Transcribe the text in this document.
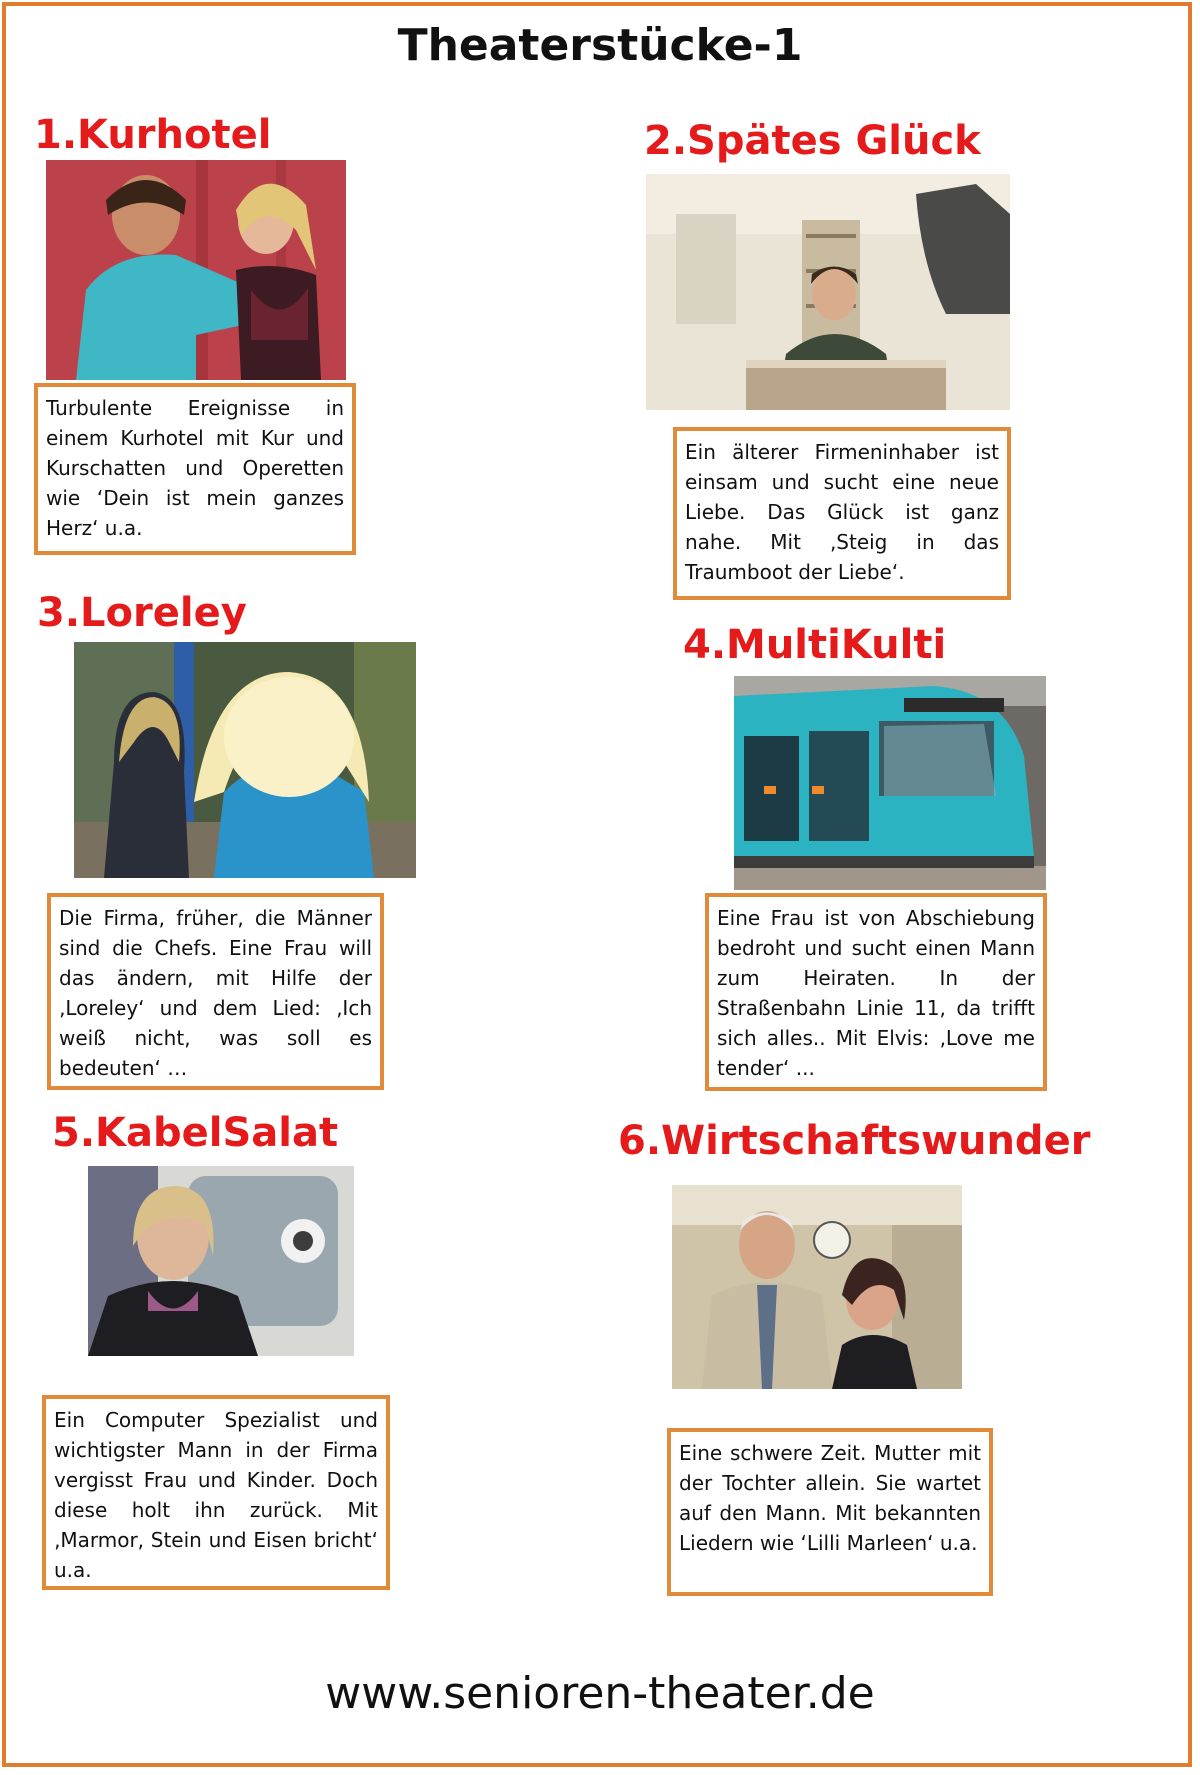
Theaterstücke-1
1.Kurhotel
Turbulente Ereignisse in einem Kurhotel mit Kur und Kurschatten und Operetten wie ‘Dein ist mein ganzes Herz‘ u.a.
2.Spätes Glück
Ein älterer Firmeninhaber ist einsam und sucht eine neue Liebe. Das Glück ist ganz nahe. Mit ‚Steig in das Traumboot der Liebe‘.
3.Loreley
Die Firma, früher, die Männer sind die Chefs. Eine Frau will das ändern, mit Hilfe der ‚Loreley‘ und dem Lied: ‚Ich weiß nicht, was soll es bedeuten‘ …
4.MultiKulti
Eine Frau ist von Abschiebung bedroht und sucht einen Mann zum Heiraten. In der Straßenbahn Linie 11, da trifft sich alles.. Mit Elvis: ‚Love me tender‘ ...
5.KabelSalat
Ein Computer Spezialist und wichtigster Mann in der Firma vergisst Frau und Kinder. Doch diese holt ihn zurück. Mit ‚Marmor, Stein und Eisen bricht‘ u.a.
6.Wirtschaftswunder
Eine schwere Zeit. Mutter mit der Tochter allein. Sie wartet auf den Mann. Mit bekannten Liedern wie ‘Lilli Marleen‘ u.a.
www.senioren-theater.de
